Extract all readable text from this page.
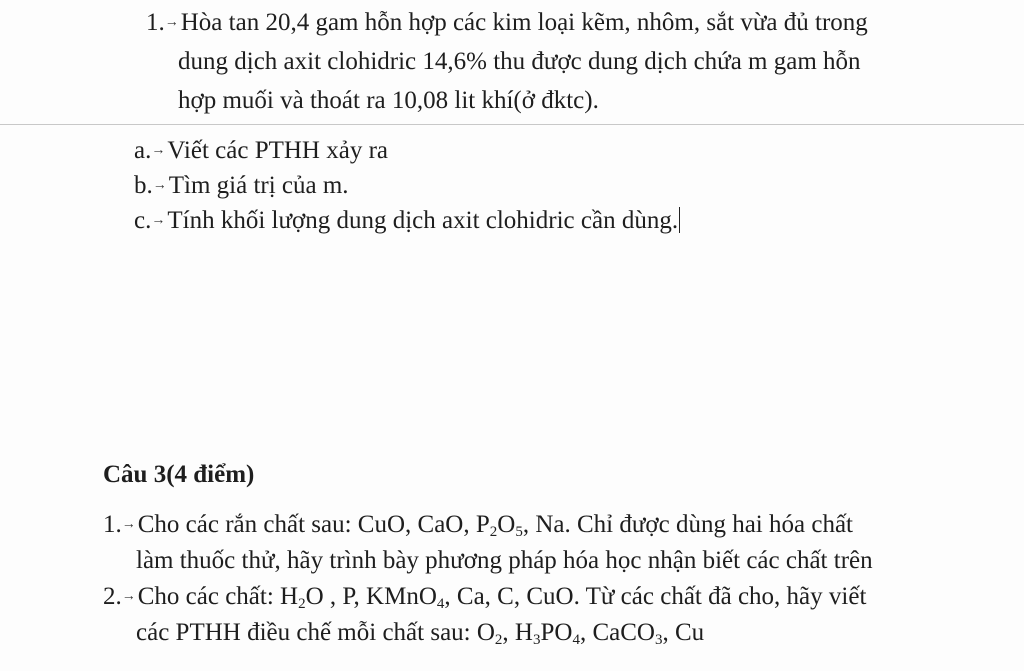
1.→Hòa tan 20,4 gam hỗn hợp các kim loại kẽm, nhôm, sắt vừa đủ trong
dung dịch axit clohidric 14,6% thu được dung dịch chứa m gam hỗn
hợp muối và thoát ra 10,08 lit khí(ở đktc).
a.→Viết các PTHH xảy ra
b.→Tìm giá trị của m.
c.→Tính khối lượng dung dịch axit clohidric cần dùng.
Câu 3(4 điểm)
1.→Cho các rắn chất sau: CuO, CaO, $P_2O_5$, Na. Chỉ được dùng hai hóa chất
làm thuốc thử, hãy trình bày phương pháp hóa học nhận biết các chất trên
2.→Cho các chất: $H_2O$ , P, KMnO$_4$, Ca, C, CuO. Từ các chất đã cho, hãy viết
các PTHH điều chế mỗi chất sau: $O_2$, $H_3PO_4$, CaCO$_3$, Cu
